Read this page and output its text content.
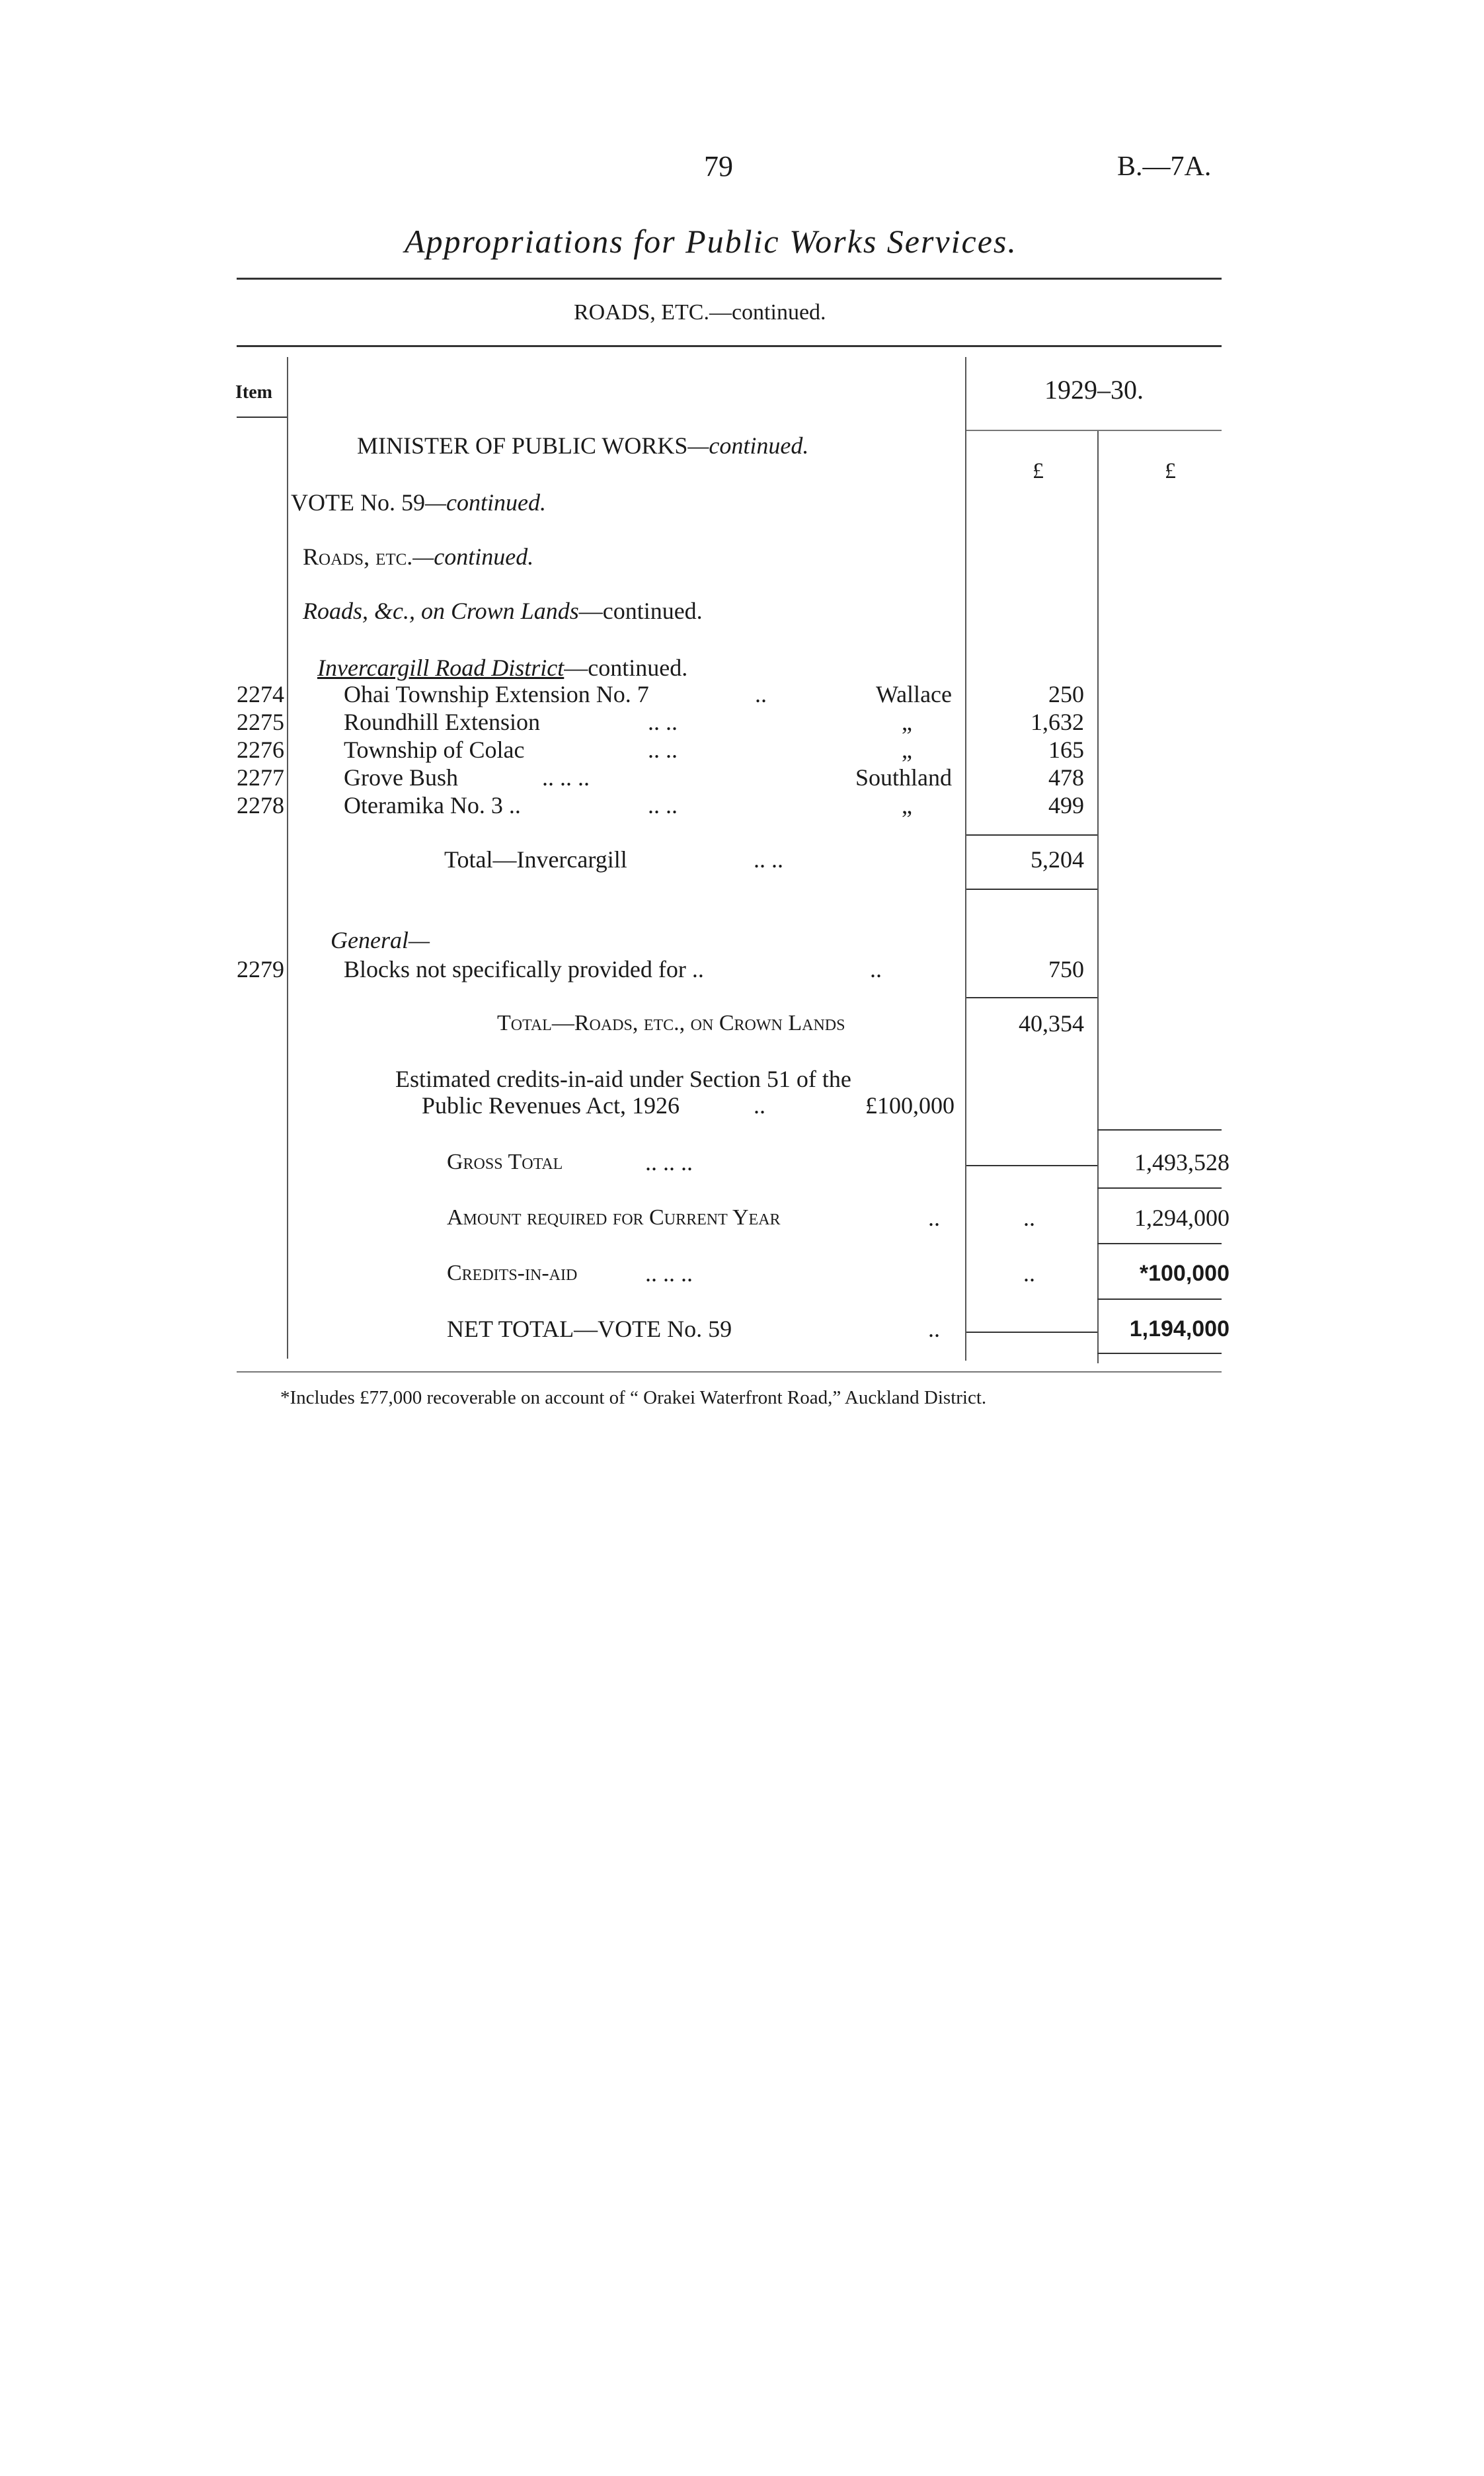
79	B.—7A.
Appropriations for Public Works Services.
ROADS, ETC.—continued.
Item	1929–30.
£	£
MINISTER OF PUBLIC WORKS—continued.
VOTE No. 59—continued.
Roads, etc.—continued.
Roads, &c., on Crown Lands—continued.
Invercargill Road District—continued.
2274	Ohai Township Extension No. 7	..	Wallace	250
2275	Roundhill Extension	.. ..	„	1,632
2276	Township of Colac	.. ..	„	165
2277	Grove Bush	.. .. ..	Southland	478
2278	Oteramika No. 3 ..	.. ..	„	499
Total—Invercargill	.. ..	5,204
General—
2279	Blocks not specifically provided for ..	..	750
Total—Roads, etc., on Crown Lands	40,354
Estimated credits-in-aid under Section 51 of the
Public Revenues Act, 1926	..	£100,000
Gross Total	.. .. ..	1,493,528
Amount required for Current Year	..	..	1,294,000
Credits-in-aid	.. .. ..	..	*100,000
NET TOTAL—VOTE No. 59	..	1,194,000
*Includes £77,000 recoverable on account of “ Orakei Waterfront Road,” Auckland District.
